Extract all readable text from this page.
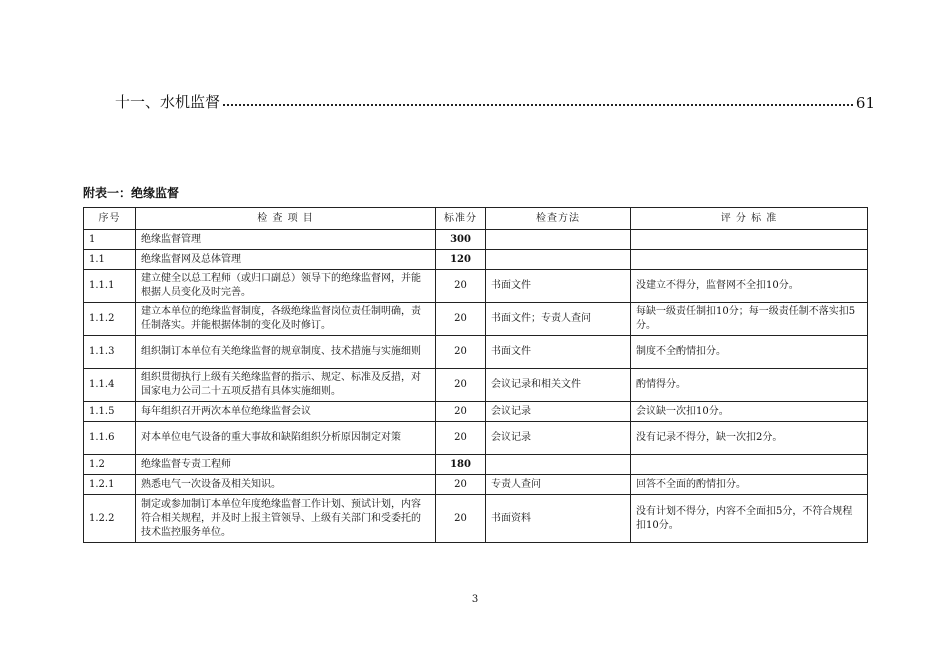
十一、水机监督	61
附表一：绝缘监督
序号	检 查 项 目	标准分	检查方法	评 分 标 准
1	绝缘监督管理	300		
1.1	绝缘监督网及总体管理	120		
1.1.1	建立健全以总工程师（或归口副总）领导下的绝缘监督网，并能根据人员变化及时完善。	20	书面文件	没建立不得分，监督网不全扣10分。
1.1.2	建立本单位的绝缘监督制度，各级绝缘监督岗位责任制明确，责任制落实。并能根据体制的变化及时修订。	20	书面文件；专责人查问	每缺一级责任制扣10分；每一级责任制不落实扣5分。
1.1.3	组织制订本单位有关绝缘监督的规章制度、技术措施与实施细则	20	书面文件	制度不全酌情扣分。
1.1.4	组织贯彻执行上级有关绝缘监督的指示、规定、标准及反措，对国家电力公司二十五项反措有具体实施细则。	20	会议记录和相关文件	酌情得分。
1.1.5	每年组织召开两次本单位绝缘监督会议	20	会议记录	会议缺一次扣10分。
1.1.6	对本单位电气设备的重大事故和缺陷组织分析原因制定对策	20	会议记录	没有记录不得分，缺一次扣2分。
1.2	绝缘监督专责工程师	180		
1.2.1	熟悉电气一次设备及相关知识。	20	专责人查问	回答不全面的酌情扣分。
1.2.2	制定或参加制订本单位年度绝缘监督工作计划、预试计划，内容符合相关规程，并及时上报主管领导、上级有关部门和受委托的技术监控服务单位。	20	书面资料	没有计划不得分，内容不全面扣5分，不符合规程扣10分。
3
